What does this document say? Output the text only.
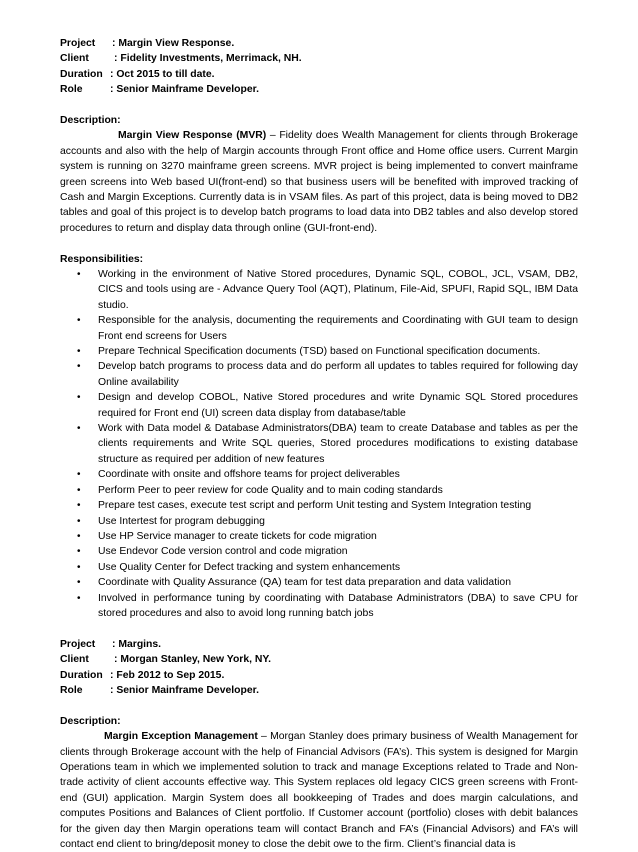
Project	: Margin View Response.
Client	: Fidelity Investments, Merrimack, NH.
Duration : Oct 2015 to till date.
Role	: Senior Mainframe Developer.
Description:
Margin View Response (MVR) – Fidelity does Wealth Management for clients through Brokerage accounts and also with the help of Margin accounts through Front office and Home office users. Current Margin system is running on 3270 mainframe green screens. MVR project is being implemented to convert mainframe green screens into Web based UI(front-end) so that business users will be benefited with improved tracking of Cash and Margin Exceptions. Currently data is in VSAM files. As part of this project, data is being moved to DB2 tables and goal of this project is to develop batch programs to load data into DB2 tables and also develop stored procedures to return and display data through online (GUI-front-end).
Responsibilities:
• Working in the environment of Native Stored procedures, Dynamic SQL, COBOL, JCL, VSAM, DB2, CICS and tools using are - Advance Query Tool (AQT), Platinum, File-Aid, SPUFI, Rapid SQL, IBM Data studio.
• Responsible for the analysis, documenting the requirements and Coordinating with GUI team to design Front end screens for Users
• Prepare Technical Specification documents (TSD) based on Functional specification documents.
• Develop batch programs to process data and do perform all updates to tables required for following day Online availability
• Design and develop COBOL, Native Stored procedures and write Dynamic SQL Stored procedures required for Front end (UI) screen data display from database/table
• Work with Data model & Database Administrators(DBA) team to create Database and tables as per the clients requirements and Write SQL queries, Stored procedures modifications to existing database structure as required per addition of new features
• Coordinate with onsite and offshore teams for project deliverables
• Perform Peer to peer review for code Quality and to main coding standards
• Prepare test cases, execute test script and perform Unit testing and System Integration testing
• Use Intertest for program debugging
• Use HP Service manager to create tickets for code migration
• Use Endevor Code version control and code migration
• Use Quality Center for Defect tracking and system enhancements
• Coordinate with Quality Assurance (QA) team for test data preparation and data validation
• Involved in performance tuning by coordinating with Database Administrators (DBA) to save CPU for stored procedures and also to avoid long running batch jobs
Project	: Margins.
Client	: Morgan Stanley, New York, NY.
Duration : Feb 2012 to Sep 2015.
Role	: Senior Mainframe Developer.
Description:
Margin Exception Management – Morgan Stanley does primary business of Wealth Management for clients through Brokerage account with the help of Financial Advisors (FA’s). This system is designed for Margin Operations team in which we implemented solution to track and manage Exceptions related to Trade and Non-trade activity of client accounts effective way. This System replaces old legacy CICS green screens with Front-end (GUI) application. Margin System does all bookkeeping of Trades and does margin calculations, and computes Positions and Balances of Client portfolio. If Customer account (portfolio) closes with debit balances for the given day then Margin operations team will contact Branch and FA’s (Financial Advisors) and FA’s will contact end client to bring/deposit money to close the debit owe to the firm. Client’s financial data is
